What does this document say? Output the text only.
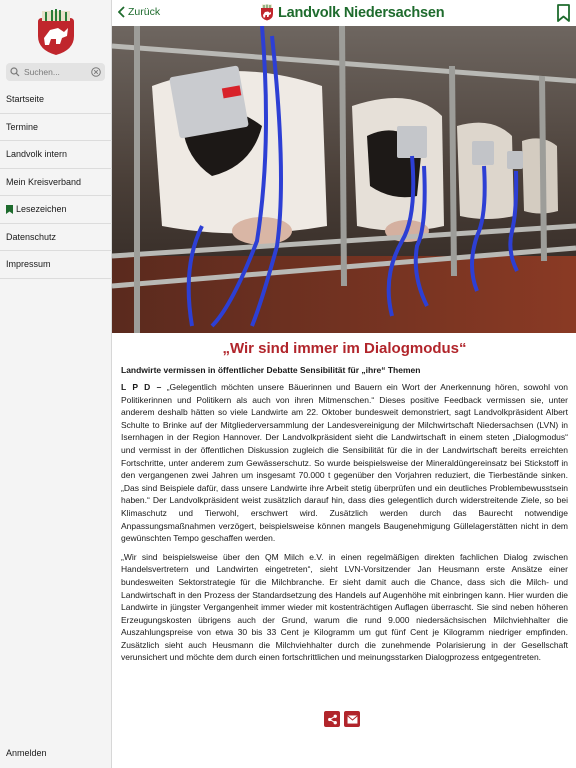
Suchen...
Startseite
Termine
Landvolk intern
Mein Kreisverband
Lesezeichen
Datenschutz
Impressum
Anmelden
Zurück	Landvolk Niedersachsen
„Wir sind immer im Dialogmodus“

Landwirte vermissen in öffentlicher Debatte Sensibilität für „ihre“ Themen

L P D – „Gelegentlich möchten unsere Bäuerinnen und Bauern ein Wort der Anerkennung hören, sowohl von Politikerinnen und Politikern als auch von ihren Mitmenschen.“ Dieses positive Feedback vermissen sie, unter anderem deshalb hätten so viele Landwirte am 22. Oktober bundesweit demonstriert, sagt Landvolkpräsident Albert Schulte to Brinke auf der Mitgliederversammlung der Landesvereinigung der Milchwirtschaft Niedersachsen (LVN) in Isernhagen in der Region Hannover. Der Landvolkpräsident sieht die Landwirtschaft in einem steten „Dialogmodus“ und vermisst in der öffentlichen Diskussion zugleich die Sensibilität für die in der Landwirtschaft bereits erreichten Fortschritte, unter anderem zum Gewässerschutz. So wurde beispielsweise der Mineraldüngereinsatz bei Stickstoff in den vergangenen zwei Jahren um insgesamt 70.000 t gegenüber den Vorjahren reduziert, die Tierbestände sinken. „Das sind Beispiele dafür, dass unsere Landwirte ihre Arbeit stetig überprüfen und ein deutliches Problembewusstsein haben.“ Der Landvolkpräsident weist zusätzlich darauf hin, dass dies gelegentlich durch widerstreitende Ziele, so bei Klimaschutz und Tierwohl, erschwert wird. Zusätzlich werden durch das Baurecht notwendige Anpassungsmaßnahmen verzögert, beispielsweise können mangels Baugenehmigung Güllelagerstätten nicht in dem gewünschten Tempo geschaffen werden.

„Wir sind beispielsweise über den QM Milch e.V. in einen regelmäßigen direkten fachlichen Dialog zwischen Handelsvertretern und Landwirten eingetreten“, sieht LVN-Vorsitzender Jan Heusmann erste Ansätze einer bundesweiten Sektorstrategie für die Milchbranche. Er sieht damit auch die Chance, dass sich die Milch- und Landwirtschaft in den Prozess der Standardsetzung des Handels auf Augenhöhe mit einbringen kann. Hier wurden die Landwirte in jüngster Vergangenheit immer wieder mit kostenträchtigen Auflagen überrascht. Sie sind neben höheren Erzeugungskosten übrigens auch der Grund, warum die rund 9.000 niedersächsischen Milchviehhalter die Auszahlungspreise von etwa 30 bis 33 Cent je Kilogramm um gut fünf Cent je Kilogramm niedriger empfinden. Zusätzlich sieht auch Heusmann die Milchviehhalter durch die zunehmende Polarisierung in der Gesellschaft verunsichert und möchte dem durch einen fortschrittlichen und meinungsstarken Dialogprozess entgegentreten.
